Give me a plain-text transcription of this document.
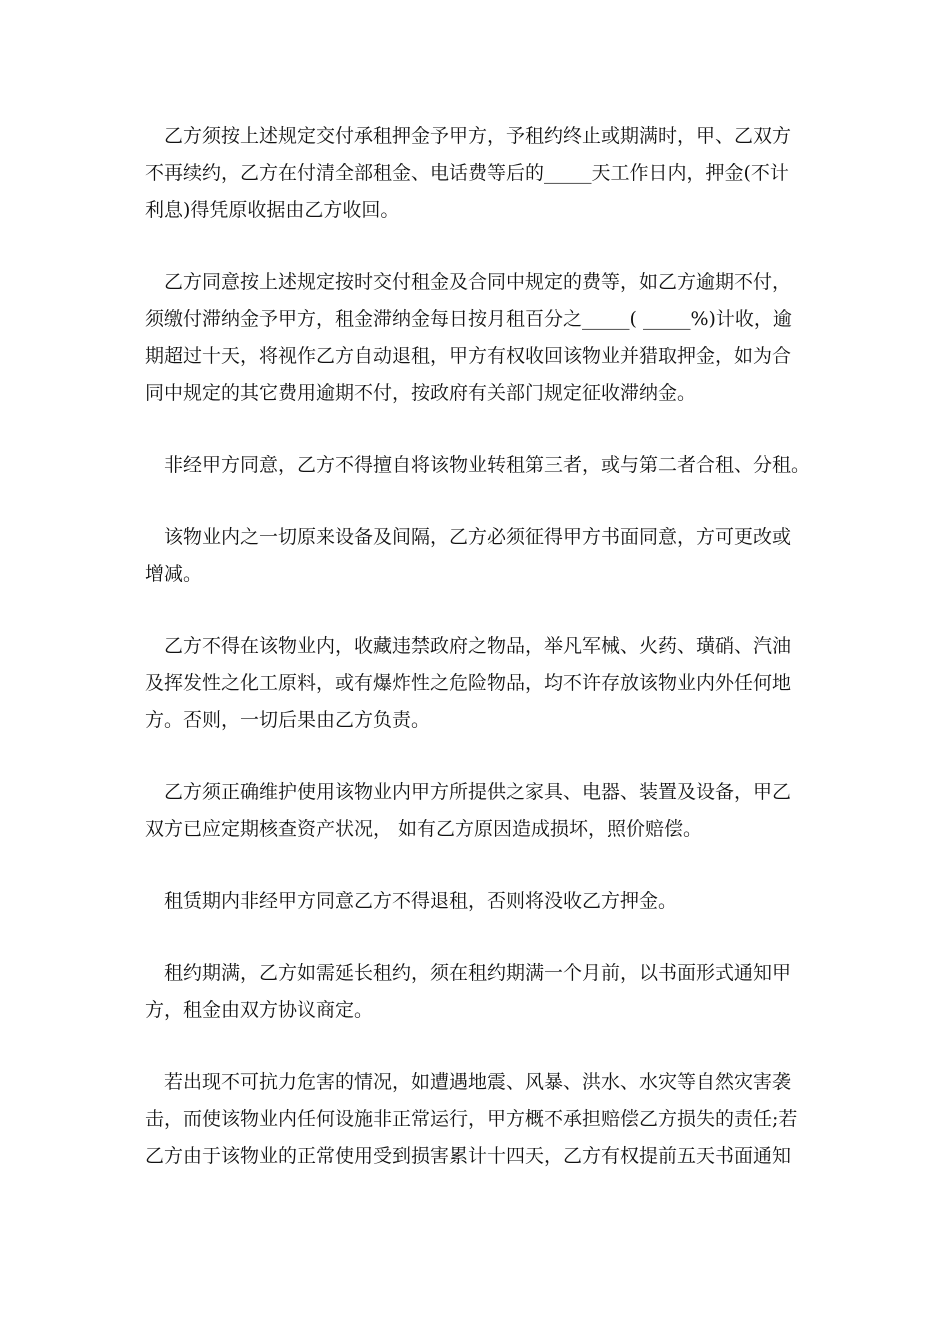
乙方须按上述规定交付承租押金予甲方，予租约终止或期满时，甲、乙双方
不再续约，乙方在付清全部租金、电话费等后的_____天工作日内，押金(不计
利息)得凭原收据由乙方收回。

乙方同意按上述规定按时交付租金及合同中规定的费等，如乙方逾期不付，
须缴付滞纳金予甲方，租金滞纳金每日按月租百分之_____( _____%)计收，逾
期超过十天，将视作乙方自动退租，甲方有权收回该物业并猎取押金，如为合
同中规定的其它费用逾期不付，按政府有关部门规定征收滞纳金。

非经甲方同意，乙方不得擅自将该物业转租第三者，或与第二者合租、分租。

该物业内之一切原来设备及间隔，乙方必须征得甲方书面同意，方可更改或
增减。

乙方不得在该物业内，收藏违禁政府之物品，举凡军械、火药、璜硝、汽油
及挥发性之化工原料，或有爆炸性之危险物品，均不许存放该物业内外任何地
方。否则，一切后果由乙方负责。

乙方须正确维护使用该物业内甲方所提供之家具、电器、装置及设备，甲乙
双方已应定期核查资产状况， 如有乙方原因造成损坏，照价赔偿。

租赁期内非经甲方同意乙方不得退租，否则将没收乙方押金。

租约期满，乙方如需延长租约，须在租约期满一个月前，以书面形式通知甲
方，租金由双方协议商定。

若出现不可抗力危害的情况，如遭遇地震、风暴、洪水、水灾等自然灾害袭
击，而使该物业内任何设施非正常运行，甲方概不承担赔偿乙方损失的责任;若
乙方由于该物业的正常使用受到损害累计十四天，乙方有权提前五天书面通知
